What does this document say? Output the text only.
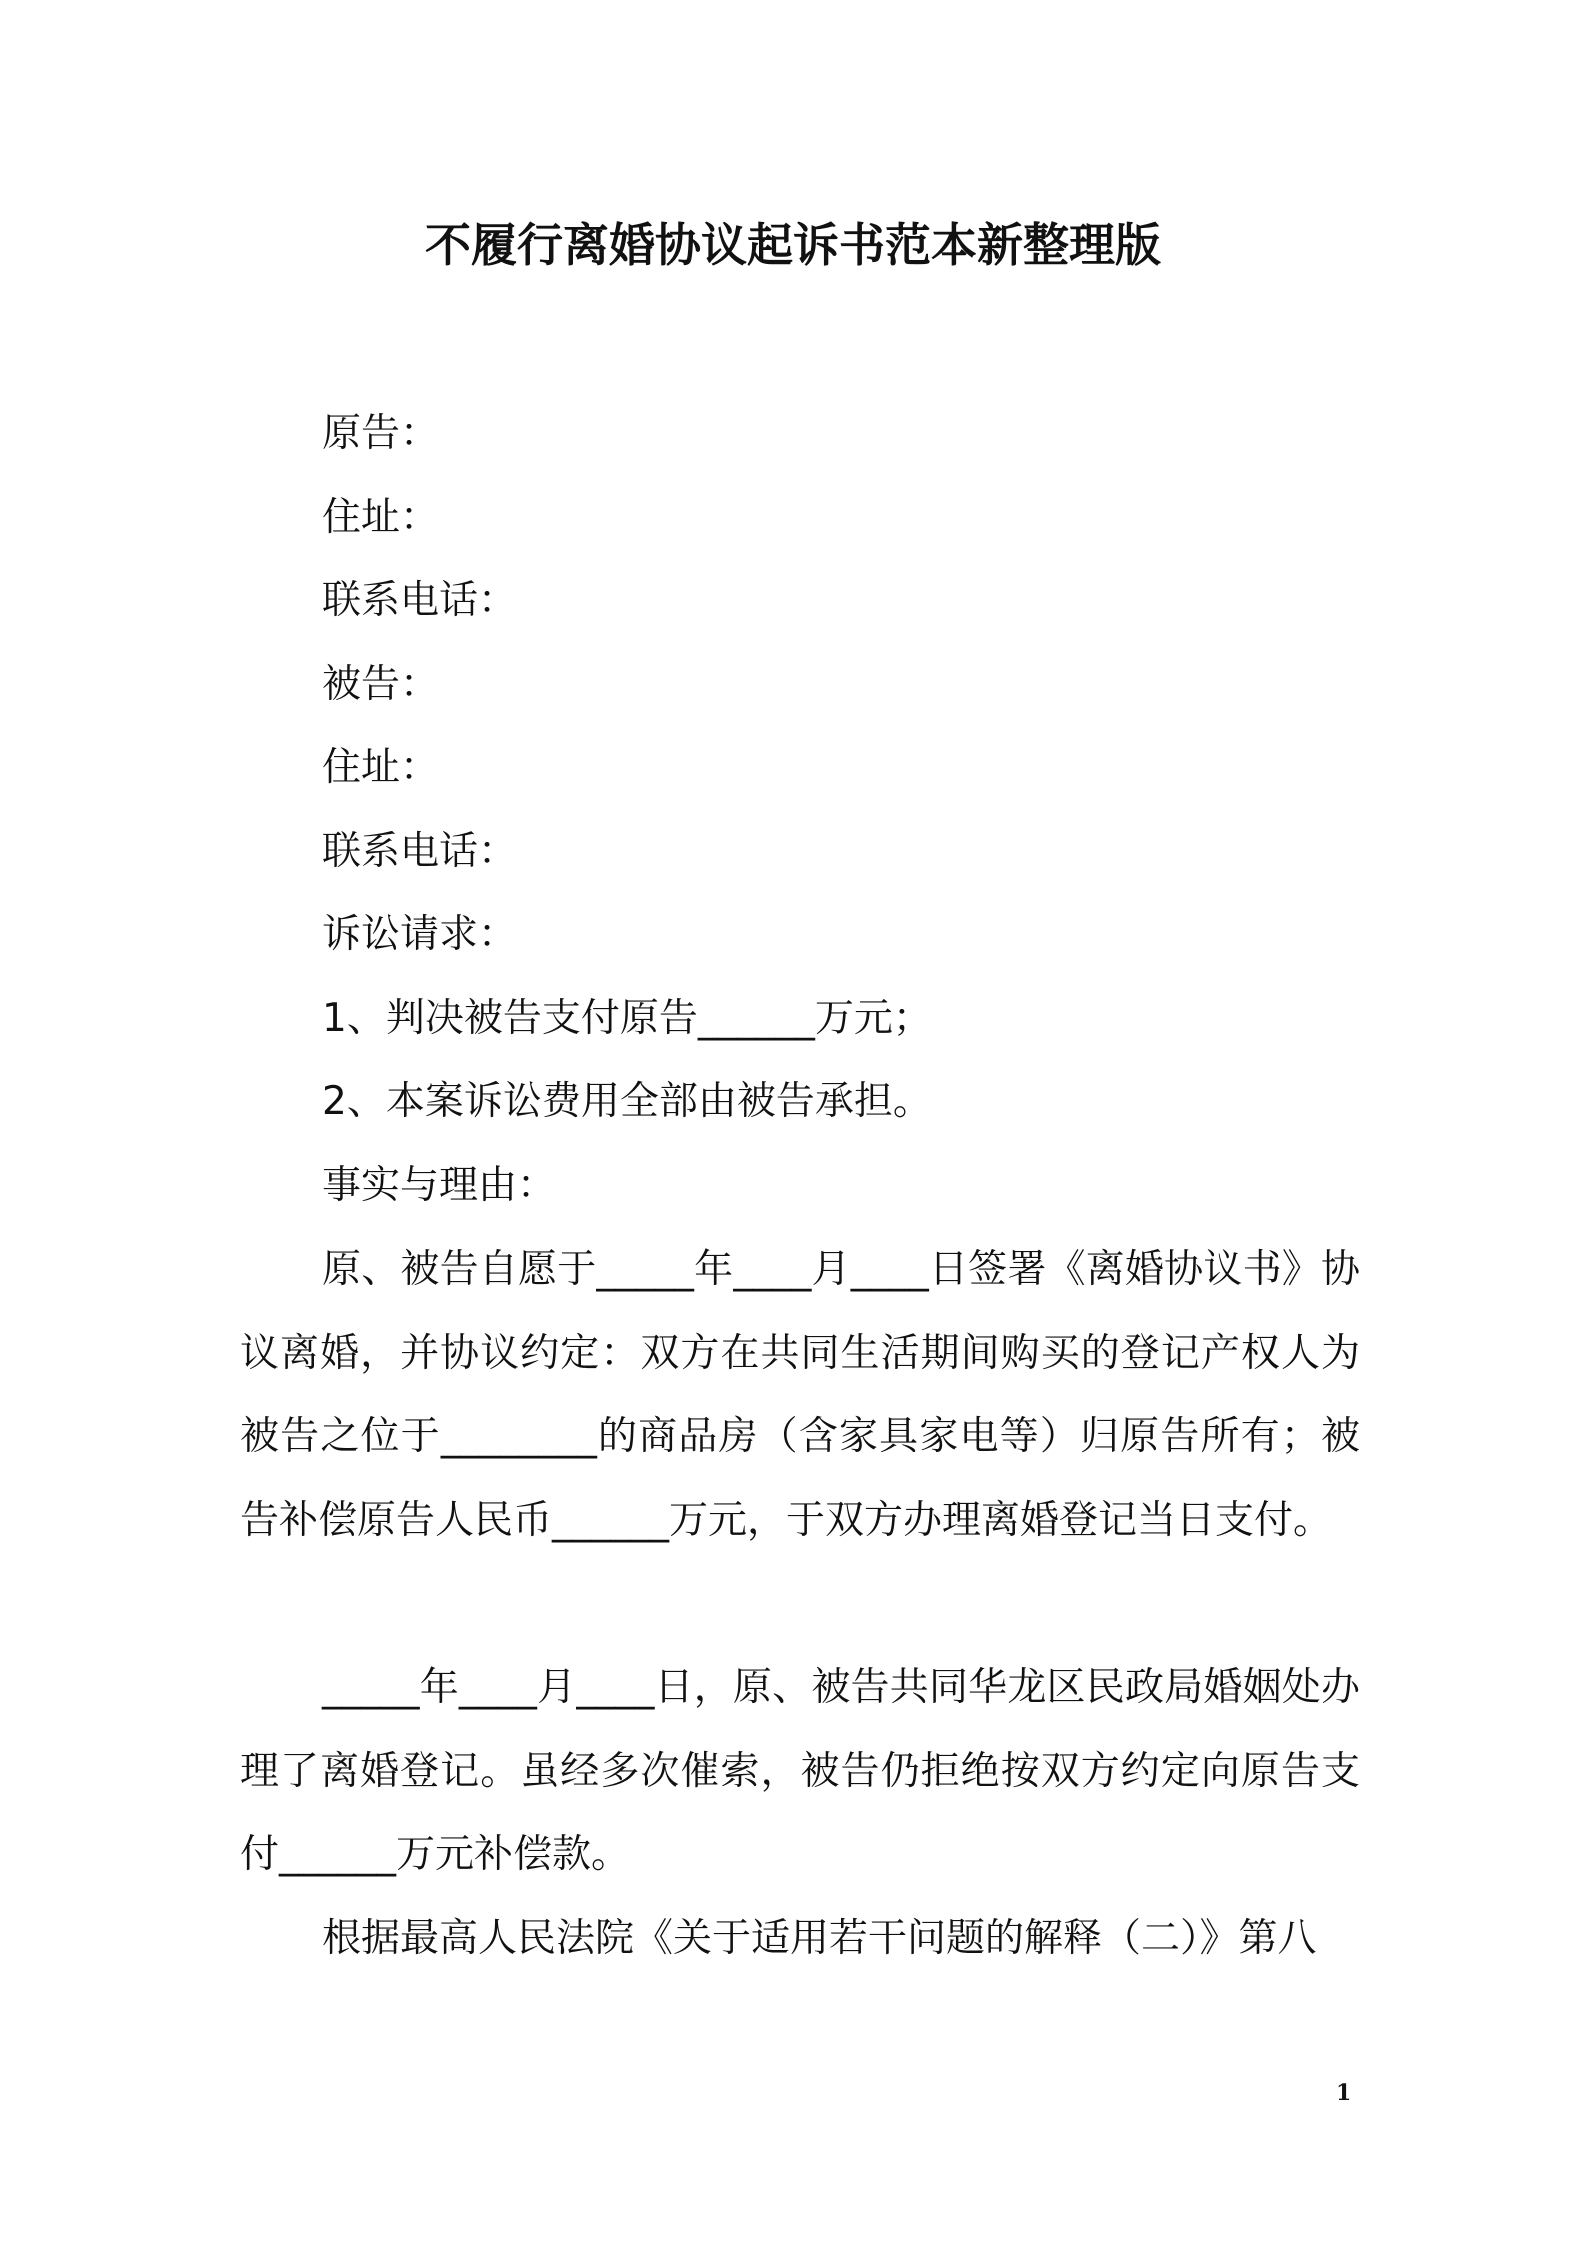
不履行离婚协议起诉书范本新整理版
原告：
住址：
联系电话：
被告：
住址：
联系电话：
诉讼请求：
1、判决被告支付原告______万元；
2、本案诉讼费用全部由被告承担。
事实与理由：

原、被告自愿于_____年____月____日签署《离婚协议书》协议离婚，并协议约定：双方在共同生活期间购买的登记产权人为被告之位于________的商品房（含家具家电等）归原告所有；被告补偿原告人民币______万元，于双方办理离婚登记当日支付。

_____年____月____日，原、被告共同华龙区民政局婚姻处办理了离婚登记。虽经多次催索，被告仍拒绝按双方约定向原告支付______万元补偿款。

根据最高人民法院《关于适用若干问题的解释（二）》第八

1
